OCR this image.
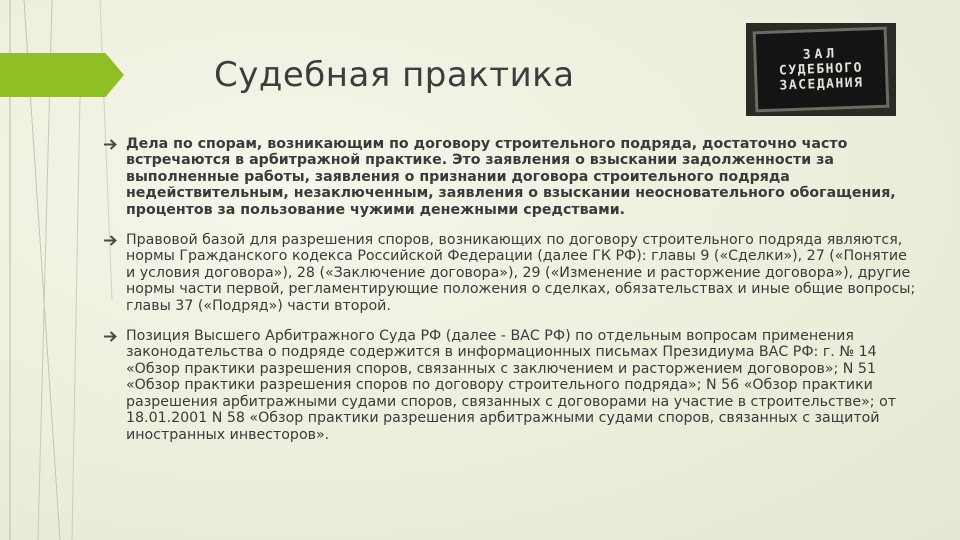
Судебная практика
ЗАЛ
СУДЕБНОГО
ЗАСЕДАНИЯ
Дела по спорам, возникающим по договору строительного подряда, достаточно часто встречаются в арбитражной практике. Это заявления о взыскании задолженности за выполненные работы, заявления о признании договора строительного подряда недействительным, незаключенным, заявления о взыскании неосновательного обогащения, процентов за пользование чужими денежными средствами.
Правовой базой для разрешения споров, возникающих по договору строительного подряда являются, нормы Гражданского кодекса Российской Федерации (далее ГК РФ): главы 9 («Сделки»), 27 («Понятие и условия договора»), 28 («Заключение договора»), 29 («Изменение и расторжение договора»), другие нормы части первой, регламентирующие положения о сделках, обязательствах и иные общие вопросы; главы 37 («Подряд») части второй.
Позиция Высшего Арбитражного Суда РФ (далее - ВАС РФ) по отдельным вопросам применения законодательства о подряде содержится в информационных письмах Президиума ВАС РФ: г. № 14 «Обзор практики разрешения споров, связанных с заключением и расторжением договоров»; N 51 «Обзор практики разрешения споров по договору строительного подряда»; N 56 «Обзор практики разрешения арбитражными судами споров, связанных с договорами на участие в строительстве»; от 18.01.2001 N 58 «Обзор практики разрешения арбитражными судами споров, связанных с защитой иностранных инвесторов».
